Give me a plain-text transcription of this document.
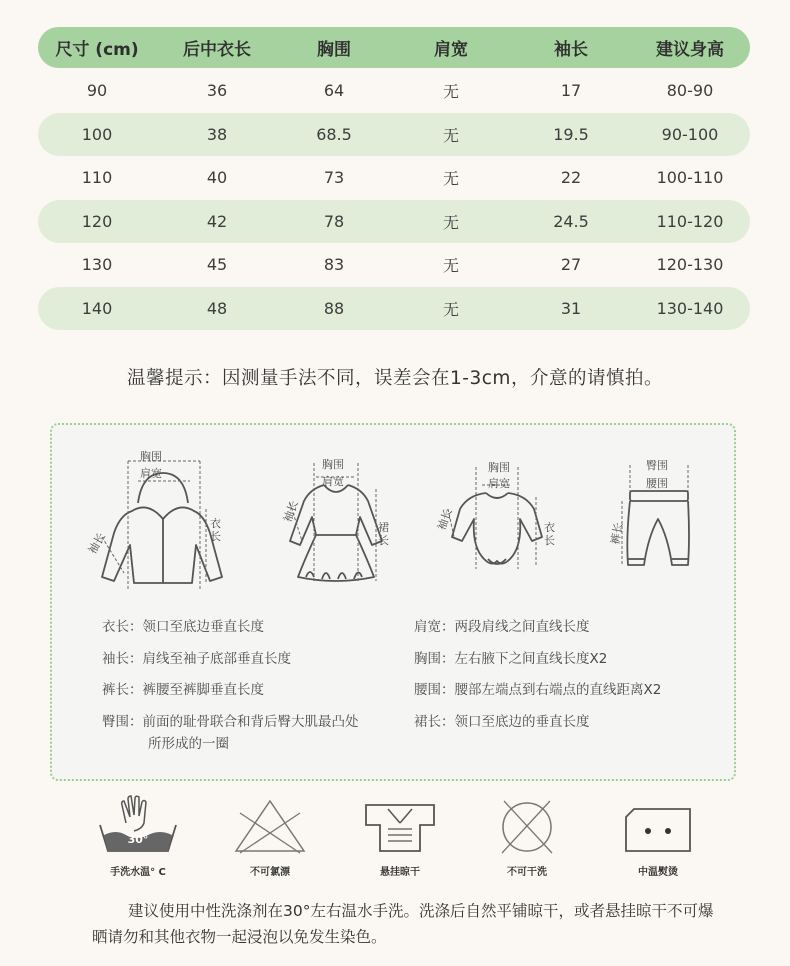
尺寸 (cm)	后中衣长	胸围	肩宽	袖长	建议身高
90	36	64	无	17	80-90
100	38	68.5	无	19.5	90-100
110	40	73	无	22	100-110
120	42	78	无	24.5	110-120
130	45	83	无	27	120-130
140	48	88	无	31	130-140
温馨提示：因测量手法不同，误差会在1-3cm，介意的请慎拍。
胸围
肩宽
袖长
衣长
胸围
肩宽
袖长
裙长
胸围
肩宽
袖长	衣长
臀围
腰围
裤长
衣长：领口至底边垂直长度
袖长：肩线至袖子底部垂直长度
裤长：裤腰至裤脚垂直长度
臀围：前面的耻骨联合和背后臀大肌最凸处
所形成的一圈
肩宽：两段肩线之间直线长度
胸围：左右腋下之间直线长度X2
腰围：腰部左端点到右端点的直线距离X2
裙长：领口至底边的垂直长度
30°
手洗水温° C	不可氯漂	悬挂晾干	不可干洗	中温熨烫
建议使用中性洗涤剂在30°左右温水手洗。洗涤后自然平铺晾干，或者悬挂晾干不可爆晒请勿和其他衣物一起浸泡以免发生染色。
